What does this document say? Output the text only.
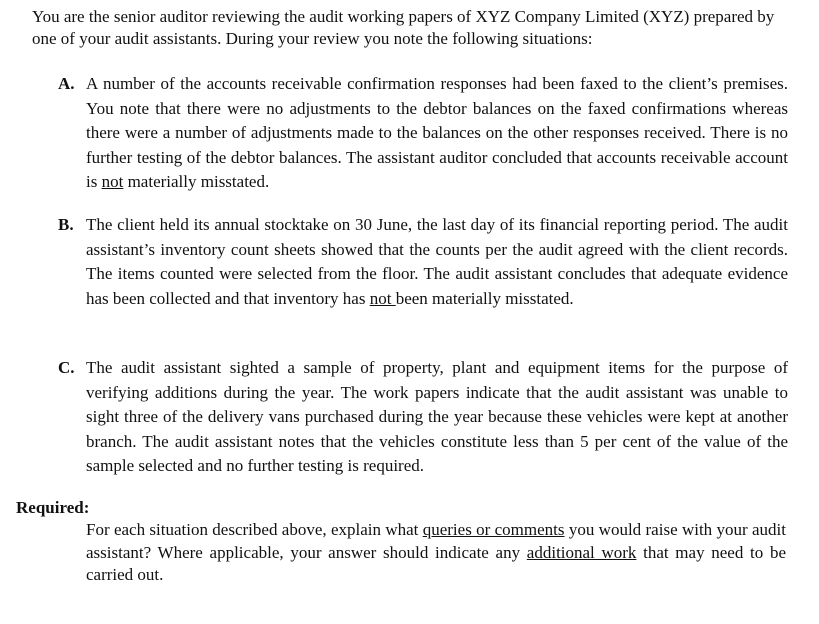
You are the senior auditor reviewing the audit working papers of XYZ Company Limited (XYZ) prepared by one of your audit assistants. During your review you note the following situations:

A. A number of the accounts receivable confirmation responses had been faxed to the client’s premises. You note that there were no adjustments to the debtor balances on the faxed confirmations whereas there were a number of adjustments made to the balances on the other responses received. There is no further testing of the debtor balances. The assistant auditor concluded that accounts receivable account is not materially misstated.

B. The client held its annual stocktake on 30 June, the last day of its financial reporting period. The audit assistant’s inventory count sheets showed that the counts per the audit agreed with the client records. The items counted were selected from the floor. The audit assistant concludes that adequate evidence has been collected and that inventory has not been materially misstated.

C. The audit assistant sighted a sample of property, plant and equipment items for the purpose of verifying additions during the year. The work papers indicate that the audit assistant was unable to sight three of the delivery vans purchased during the year because these vehicles were kept at another branch. The audit assistant notes that the vehicles constitute less than 5 per cent of the value of the sample selected and no further testing is required.

Required:

For each situation described above, explain what queries or comments you would raise with your audit assistant? Where applicable, your answer should indicate any additional work that may need to be carried out.
